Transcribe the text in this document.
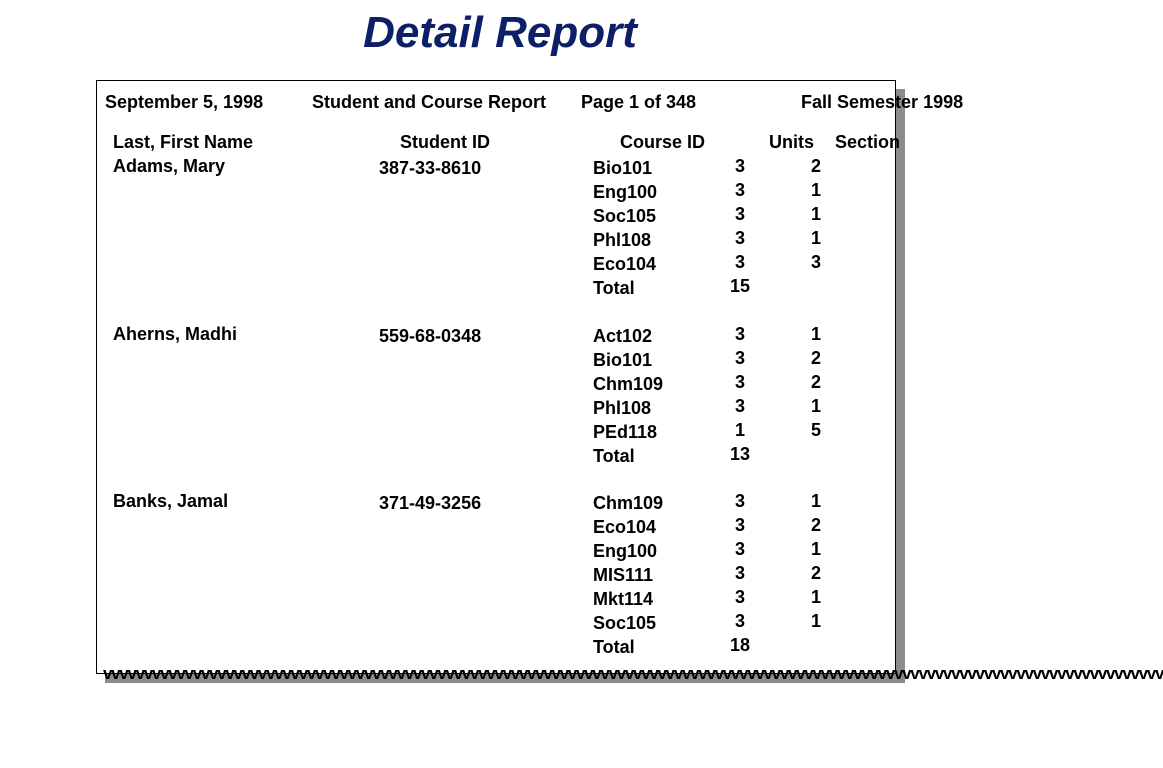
Detail Report
September 5, 1998	Student and Course Report Page 1 of 348	Fall Semester 1998
Last, First Name	Student ID	Course ID	Units Section
Adams, Mary	387-33-8610	Bio101	3	2
Eng100	3	1
Soc105	3	1
Phl108	3	1
Eco104	3	3
Total	15
Aherns, Madhi	559-68-0348	Act102	3	1
Bio101	3	2
Chm109	3	2
Phl108	3	1
PEd118	1	5
Total	13
Banks, Jamal	371-49-3256	Chm109	3	1
Eco104	3	2
Eng100	3	1
MIS111	3	2
Mkt114	3	1
Soc105	3	1
Total	18
vvvvvvvvvvvvvvvvvvvvvvvvvvvvvvvvvvvvvvvvvvvvvvvvvvvvvvvvvvvvvvvvvvvvvvvvvvvvvvvvvvvvvvvvvvvvvvvvvvvvvvvvvvvvvvvvvvvvvvvvvvvvvvvvvv
